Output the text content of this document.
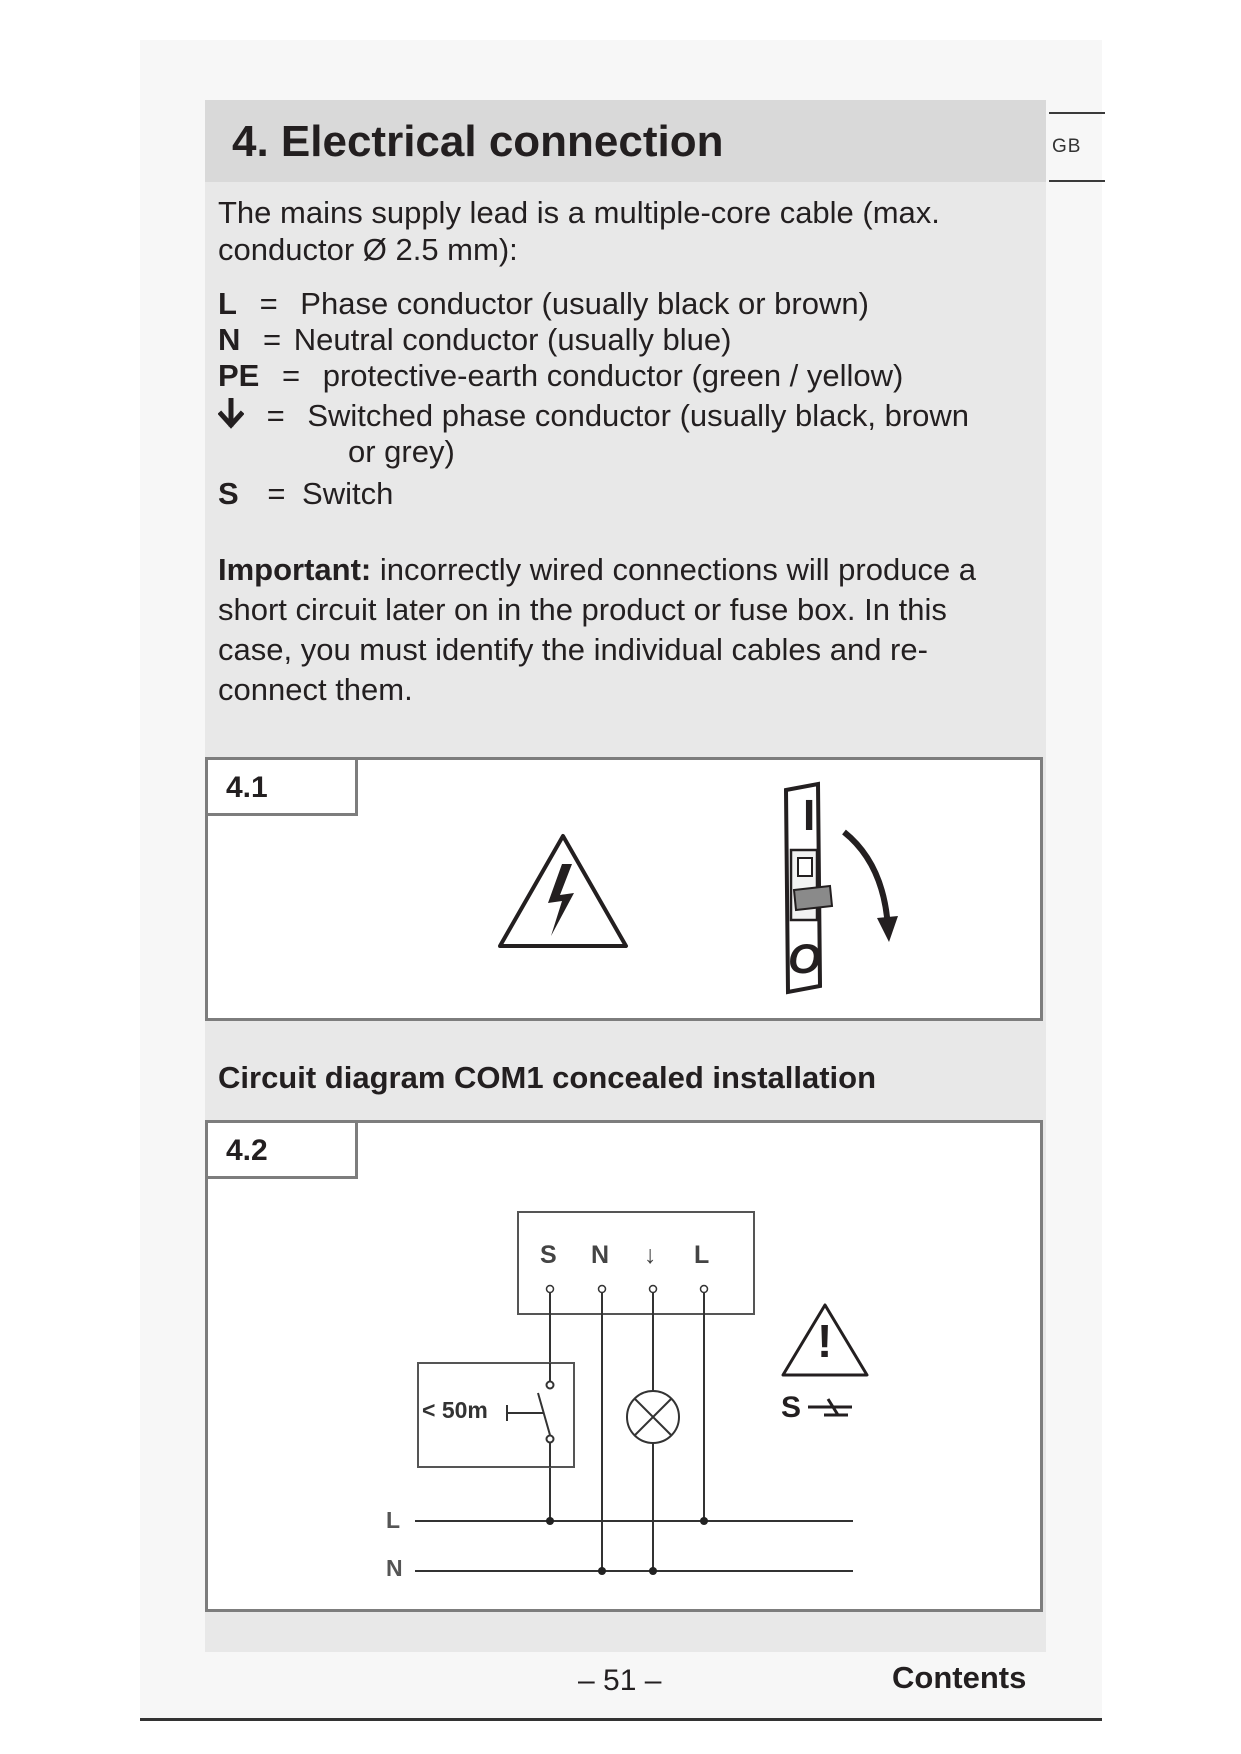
4. Electrical connection	GB

The mains supply lead is a multiple-core cable (max. conductor Ø 2.5 mm):

L = Phase conductor (usually black or brown)
N = Neutral conductor (usually blue)
PE = protective-earth conductor (green / yellow)
= Switched phase conductor (usually black, brown
or grey)
S = Switch

Important: incorrectly wired connections will produce a short circuit later on in the product or fuse box. In this case, you must identify the individual cables and re-connect them.

4.1
I
O
Circuit diagram COM1 concealed installation
4.2
S N ↓ L
< 50m
L
N
!
S
– 51 –	Contents
